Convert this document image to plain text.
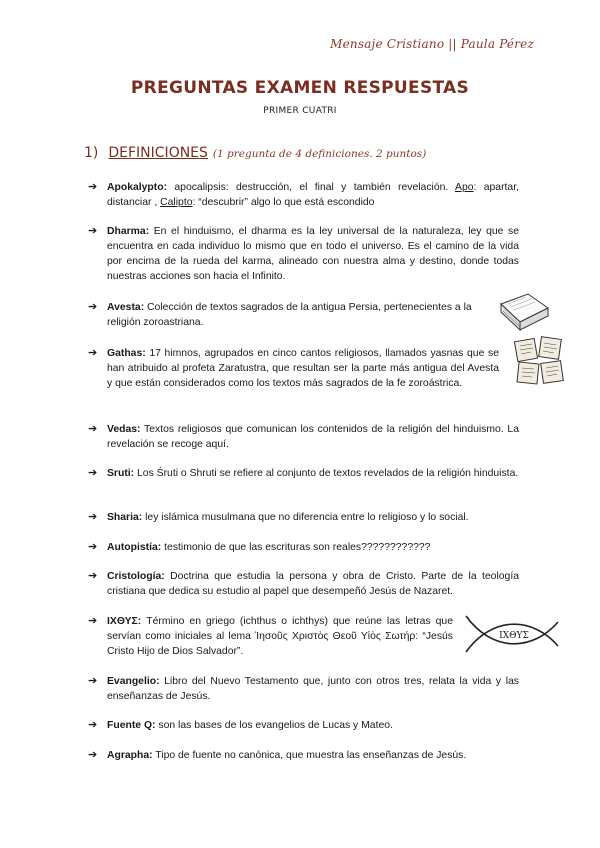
Mensaje Cristiano || Paula Pérez
PREGUNTAS EXAMEN RESPUESTAS
PRIMER CUATRI
1) DEFINICIONES (1 pregunta de 4 definiciones. 2 puntos)
➔ Apokalypto: apocalipsis: destrucción, el final y también revelación. Apo: apartar, distanciar , Calipto: “descubrir” algo lo que está escondido
➔ Dharma: En el hinduismo, el dharma es la ley universal de la naturaleza, ley que se encuentra en cada individuo lo mismo que en todo el universo. Es el camino de la vida por encima de la rueda del karma, alineado con nuestra alma y destino, donde todas nuestras acciones son hacia el Infinito.
➔ Avesta: Colección de textos sagrados de la antigua Persia, pertenecientes a la religión zoroastriana.
➔ Gathas: 17 himnos, agrupados en cinco cantos religiosos, llamados yasnas que se han atribuido al profeta Zaratustra, que resultan ser la parte más antigua del Avesta y que están considerados como los textos más sagrados de la fe zoroástrica.
➔ Vedas: Textos religiosos que comunican los contenidos de la religión del hinduismo. La revelación se recoge aquí.
➔ Sruti: Los Śruti o Shruti se refiere al conjunto de textos revelados de la religión hinduista.
➔ Sharia: ley islámica musulmana que no diferencia entre lo religioso y lo social.
➔ Autopistía: testimonio de que las escrituras son reales????????????
➔ Cristología: Doctrina que estudia la persona y obra de Cristo. Parte de la teología cristiana que dedica su estudio al papel que desempeñó Jesús de Nazaret.
➔ ΙΧΘΥΣ: Término en griego (ichthus o ichthys) que reúne las letras que servían como iniciales al lema Ἰησοῦς Χριστὸς Θεοῦ Υἱὸς Σωτήρ: “Jesús Cristo Hijo de Dios Salvador”.
➔ Evangelio: Libro del Nuevo Testamento que, junto con otros tres, relata la vida y las enseñanzas de Jesús.
➔ Fuente Q: son las bases de los evangelios de Lucas y Mateo.
➔ Agrapha: Tipo de fuente no canónica, que muestra las enseñanzas de Jesús.
IXΘYΣ
